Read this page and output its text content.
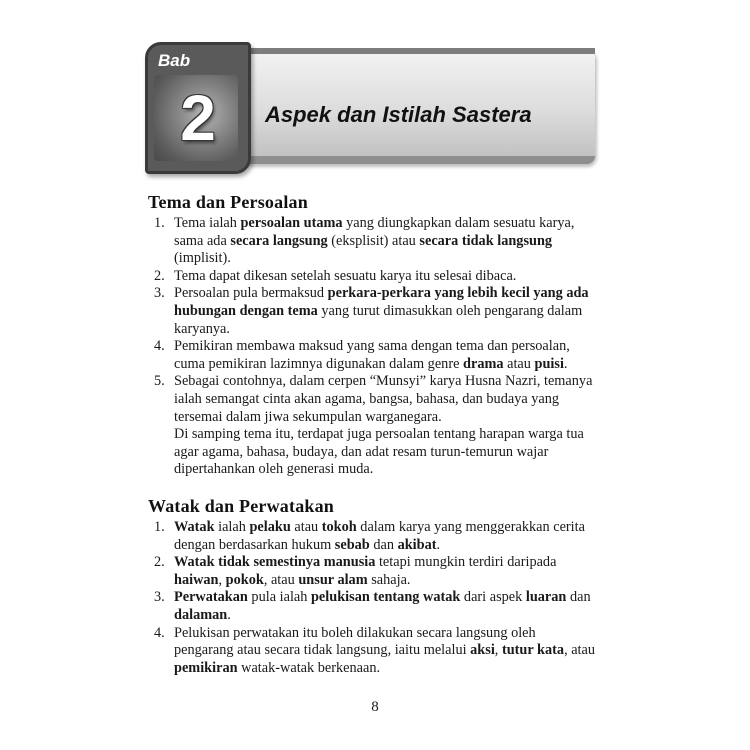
Aspek dan Istilah Sastera
Bab
2
Tema dan Persoalan
1. Tema ialah persoalan utama yang diungkapkan dalam sesuatu karya, sama ada secara langsung (eksplisit) atau secara tidak langsung (implisit).

2. Tema dapat dikesan setelah sesuatu karya itu selesai dibaca.

3. Persoalan pula bermaksud perkara-perkara yang lebih kecil yang ada hubungan dengan tema yang turut dimasukkan oleh pengarang dalam karyanya.

4. Pemikiran membawa maksud yang sama dengan tema dan persoalan, cuma pemikiran lazimnya digunakan dalam genre drama atau puisi.

5. Sebagai contohnya, dalam cerpen “Munsyi” karya Husna Nazri, temanya ialah semangat cinta akan agama, bangsa, bahasa, dan budaya yang tersemai dalam jiwa sekumpulan warganegara.

Di samping tema itu, terdapat juga persoalan tentang harapan warga tua agar agama, bahasa, budaya, dan adat resam turun-temurun wajar dipertahankan oleh generasi muda.

Watak dan Perwatakan
1. Watak ialah pelaku atau tokoh dalam karya yang menggerakkan cerita dengan berdasarkan hukum sebab dan akibat.

2. Watak tidak semestinya manusia tetapi mungkin terdiri daripada haiwan, pokok, atau unsur alam sahaja.

3. Perwatakan pula ialah pelukisan tentang watak dari aspek luaran dan dalaman.

4. Pelukisan perwatakan itu boleh dilakukan secara langsung oleh pengarang atau secara tidak langsung, iaitu melalui aksi, tutur kata, atau pemikiran watak-watak berkenaan.

8
